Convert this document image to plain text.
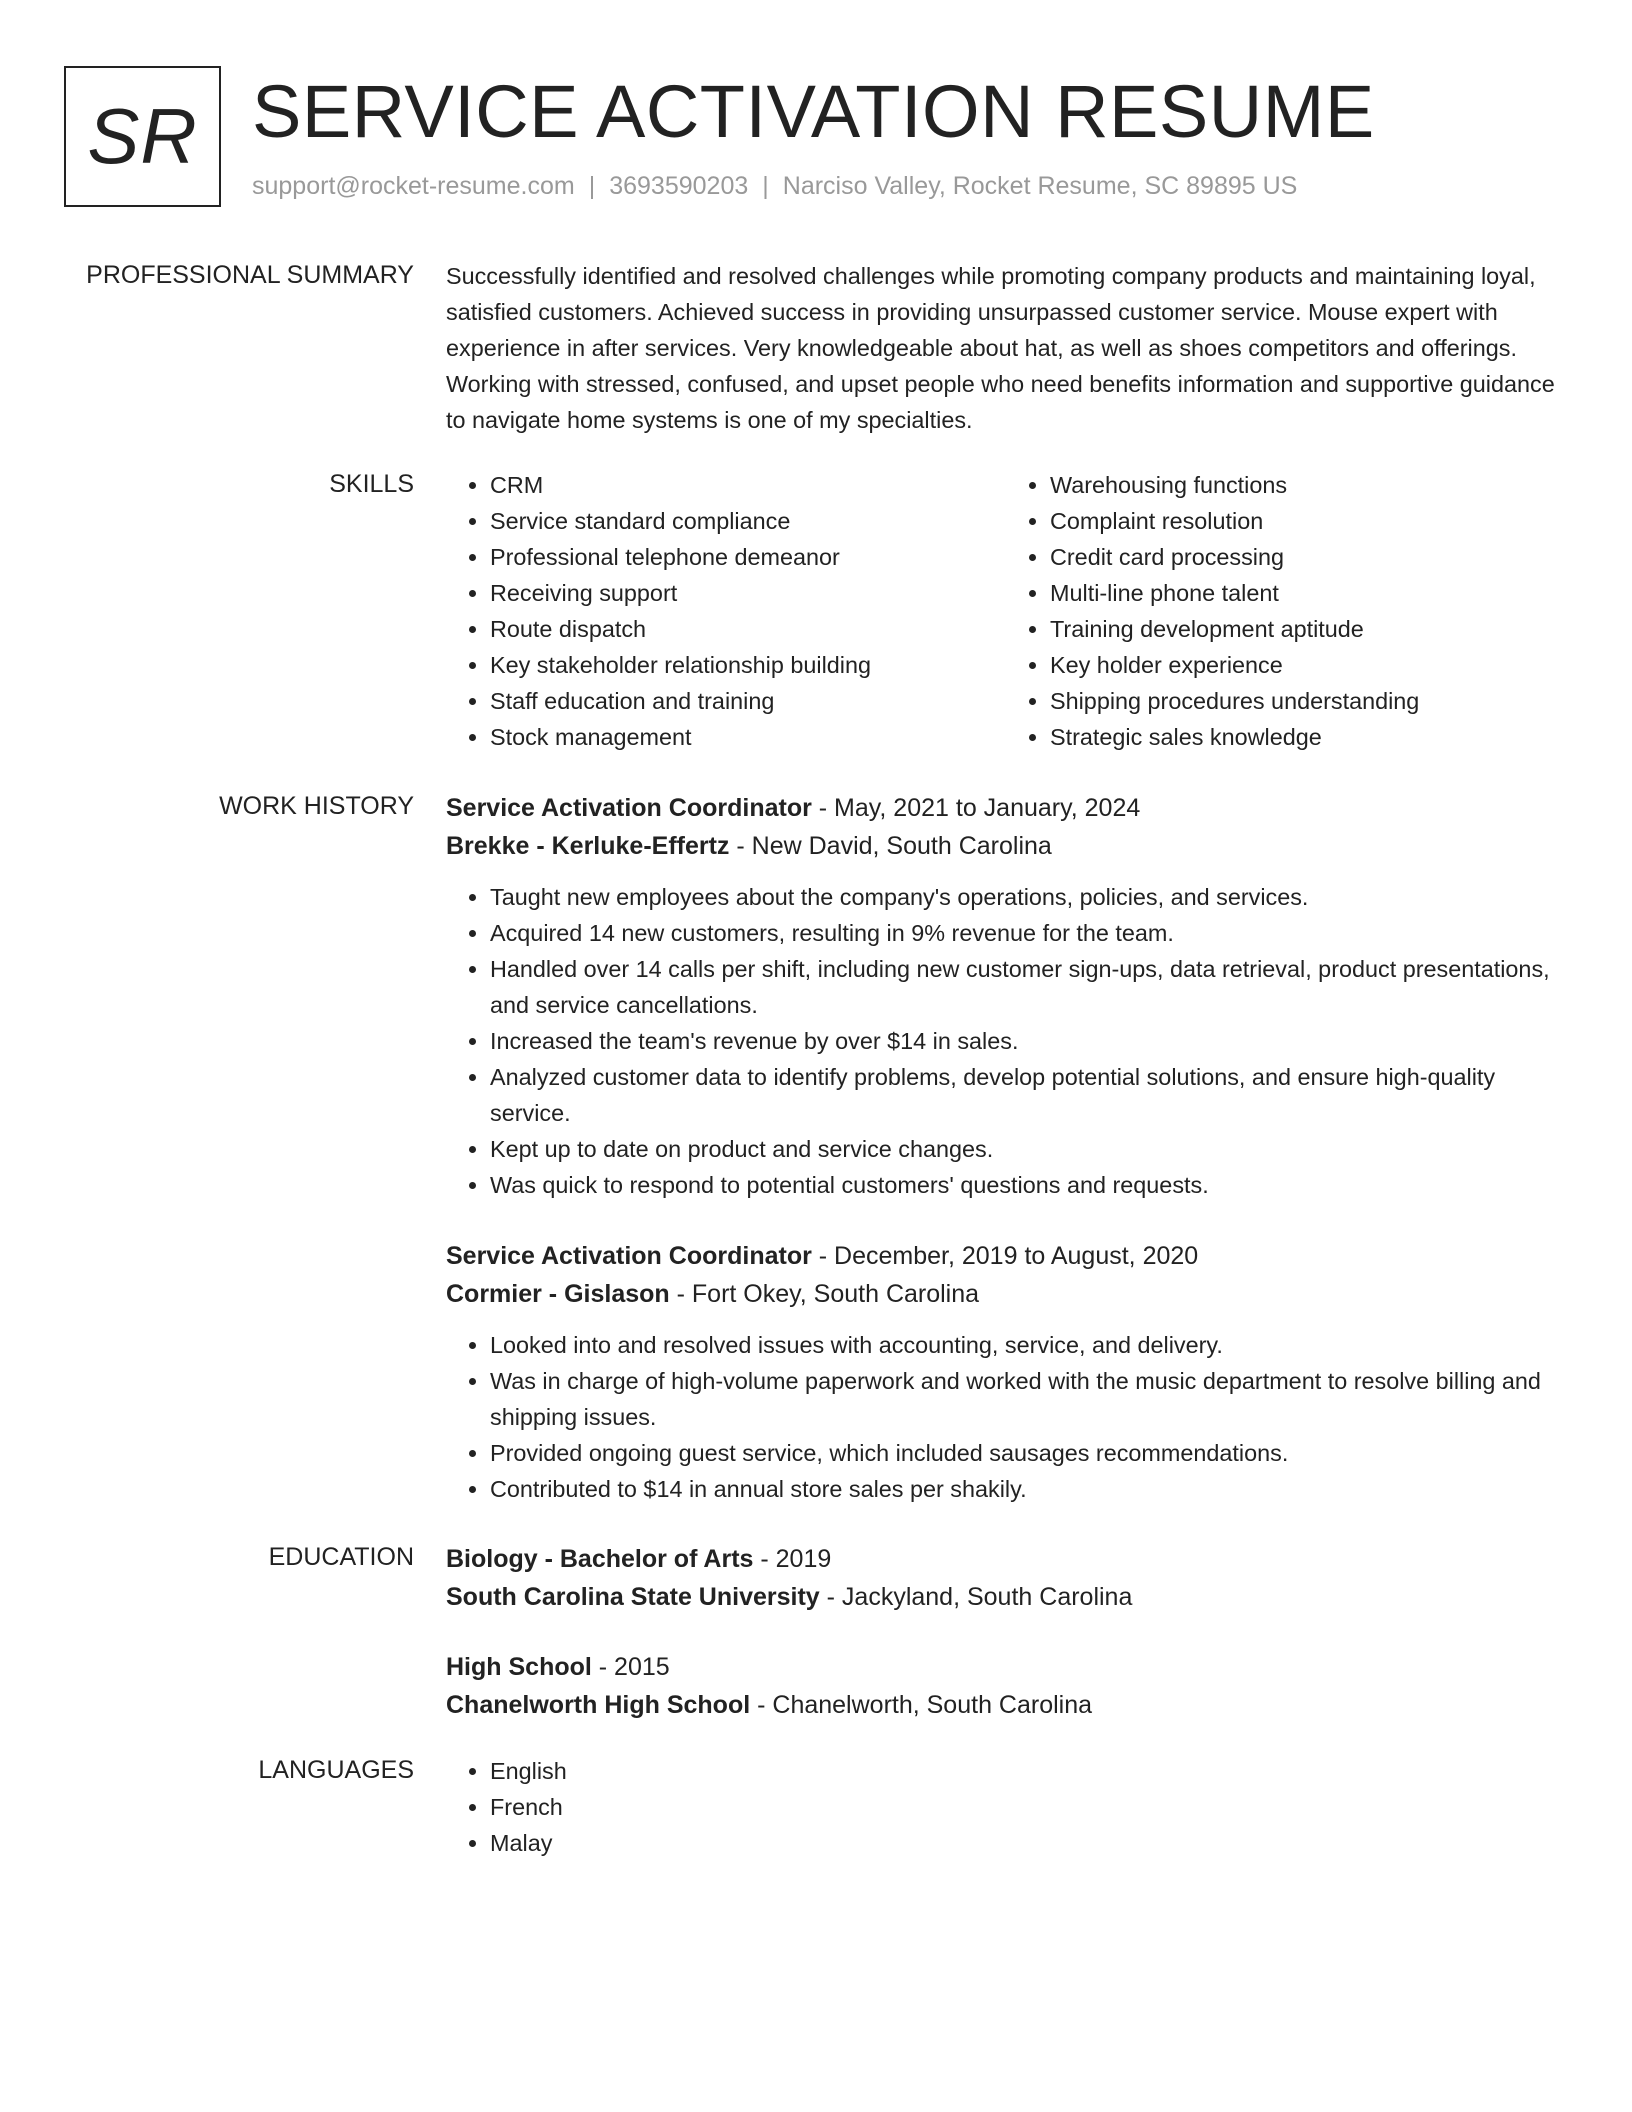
SR SERVICE ACTIVATION RESUME
support@rocket-resume.com | 3693590203 | Narciso Valley, Rocket Resume, SC 89895 US
PROFESSIONAL SUMMARY Successfully identified and resolved challenges while promoting company products and maintaining loyal, satisfied customers. Achieved success in providing unsurpassed customer service. Mouse expert with experience in after services. Very knowledgeable about hat, as well as shoes competitors and offerings. Working with stressed, confused, and upset people who need benefits information and supportive guidance to navigate home systems is one of my specialties.

SKILLS	• CRM
• Service standard compliance
• Professional telephone demeanor
• Receiving support
• Route dispatch
• Key stakeholder relationship building
• Staff education and training
• Stock management
• Warehousing functions
• Complaint resolution
• Credit card processing
• Multi-line phone talent
• Training development aptitude
• Key holder experience
• Shipping procedures understanding
• Strategic sales knowledge
WORK HISTORY Service Activation Coordinator - May, 2021 to January, 2024
Brekke - Kerluke-Effertz - New David, South Carolina
• Taught new employees about the company's operations, policies, and services.
• Acquired 14 new customers, resulting in 9% revenue for the team.
• Handled over 14 calls per shift, including new customer sign-ups, data retrieval, product presentations, and service cancellations.
• Increased the team's revenue by over $14 in sales.
• Analyzed customer data to identify problems, develop potential solutions, and ensure high-quality service.
• Kept up to date on product and service changes.
• Was quick to respond to potential customers' questions and requests.
Service Activation Coordinator - December, 2019 to August, 2020
Cormier - Gislason - Fort Okey, South Carolina
• Looked into and resolved issues with accounting, service, and delivery.
• Was in charge of high-volume paperwork and worked with the music department to resolve billing and shipping issues.
• Provided ongoing guest service, which included sausages recommendations.
• Contributed to $14 in annual store sales per shakily.
EDUCATION Biology - Bachelor of Arts - 2019
South Carolina State University - Jackyland, South Carolina
High School - 2015
Chanelworth High School - Chanelworth, South Carolina
LANGUAGES	• English
• French
• Malay
